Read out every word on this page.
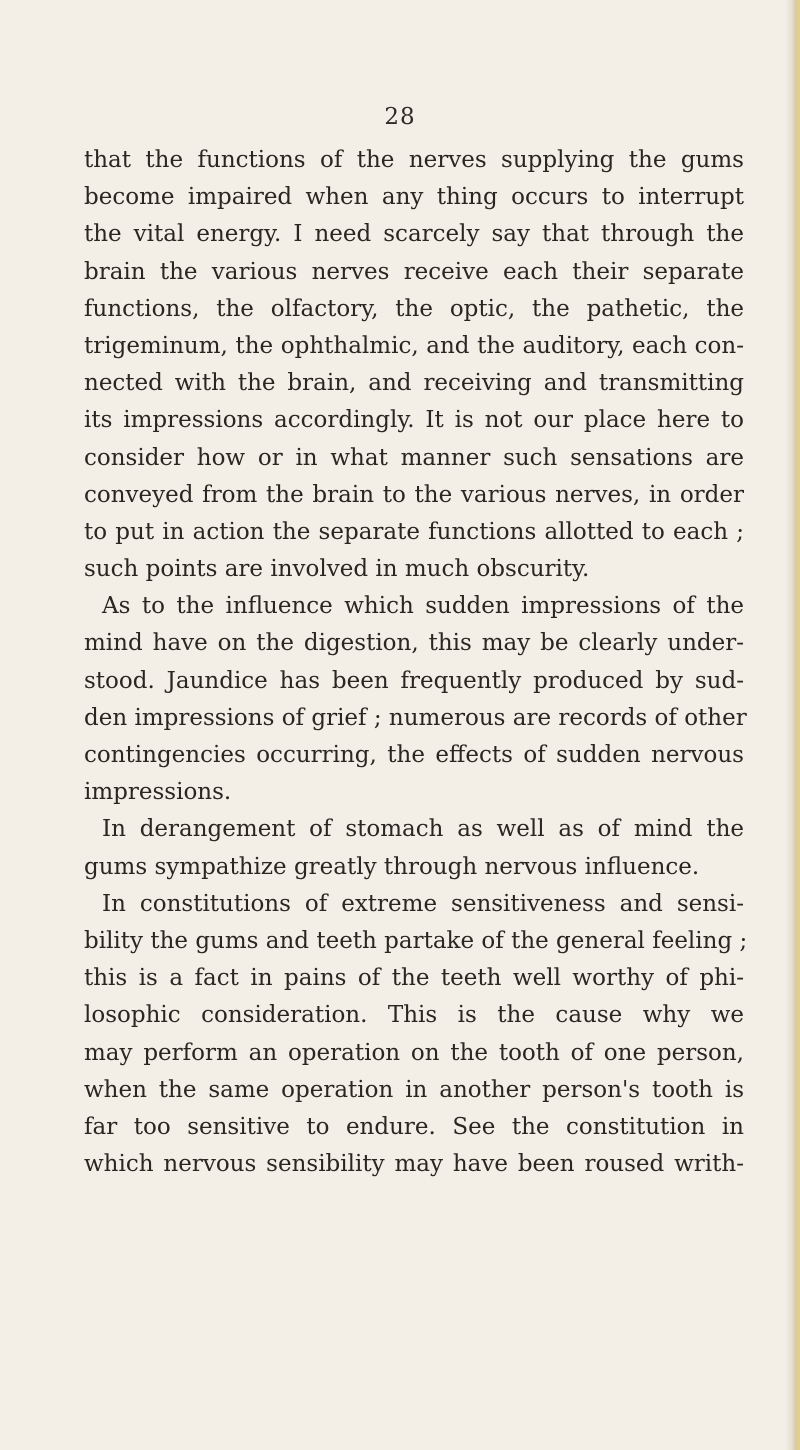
28
that the functions of the nerves supplying the gums
become impaired when any thing occurs to interrupt
the vital energy. I need scarcely say that through the
brain the various nerves receive each their separate
functions, the olfactory, the optic, the pathetic, the
trigeminum, the ophthalmic, and the auditory, each con-
nected with the brain, and receiving and transmitting
its impressions accordingly. It is not our place here to
consider how or in what manner such sensations are
conveyed from the brain to the various nerves, in order
to put in action the separate functions allotted to each ;
such points are involved in much obscurity.
As to the influence which sudden impressions of the
mind have on the digestion, this may be clearly under-
stood. Jaundice has been frequently produced by sud-
den impressions of grief ; numerous are records of other
contingencies occurring, the effects of sudden nervous
impressions.
In derangement of stomach as well as of mind the
gums sympathize greatly through nervous influence.
In constitutions of extreme sensitiveness and sensi-
bility the gums and teeth partake of the general feeling ;
this is a fact in pains of the teeth well worthy of phi-
losophic consideration. This is the cause why we
may perform an operation on the tooth of one person,
when the same operation in another person's tooth is
far too sensitive to endure. See the constitution in
which nervous sensibility may have been roused writh-
